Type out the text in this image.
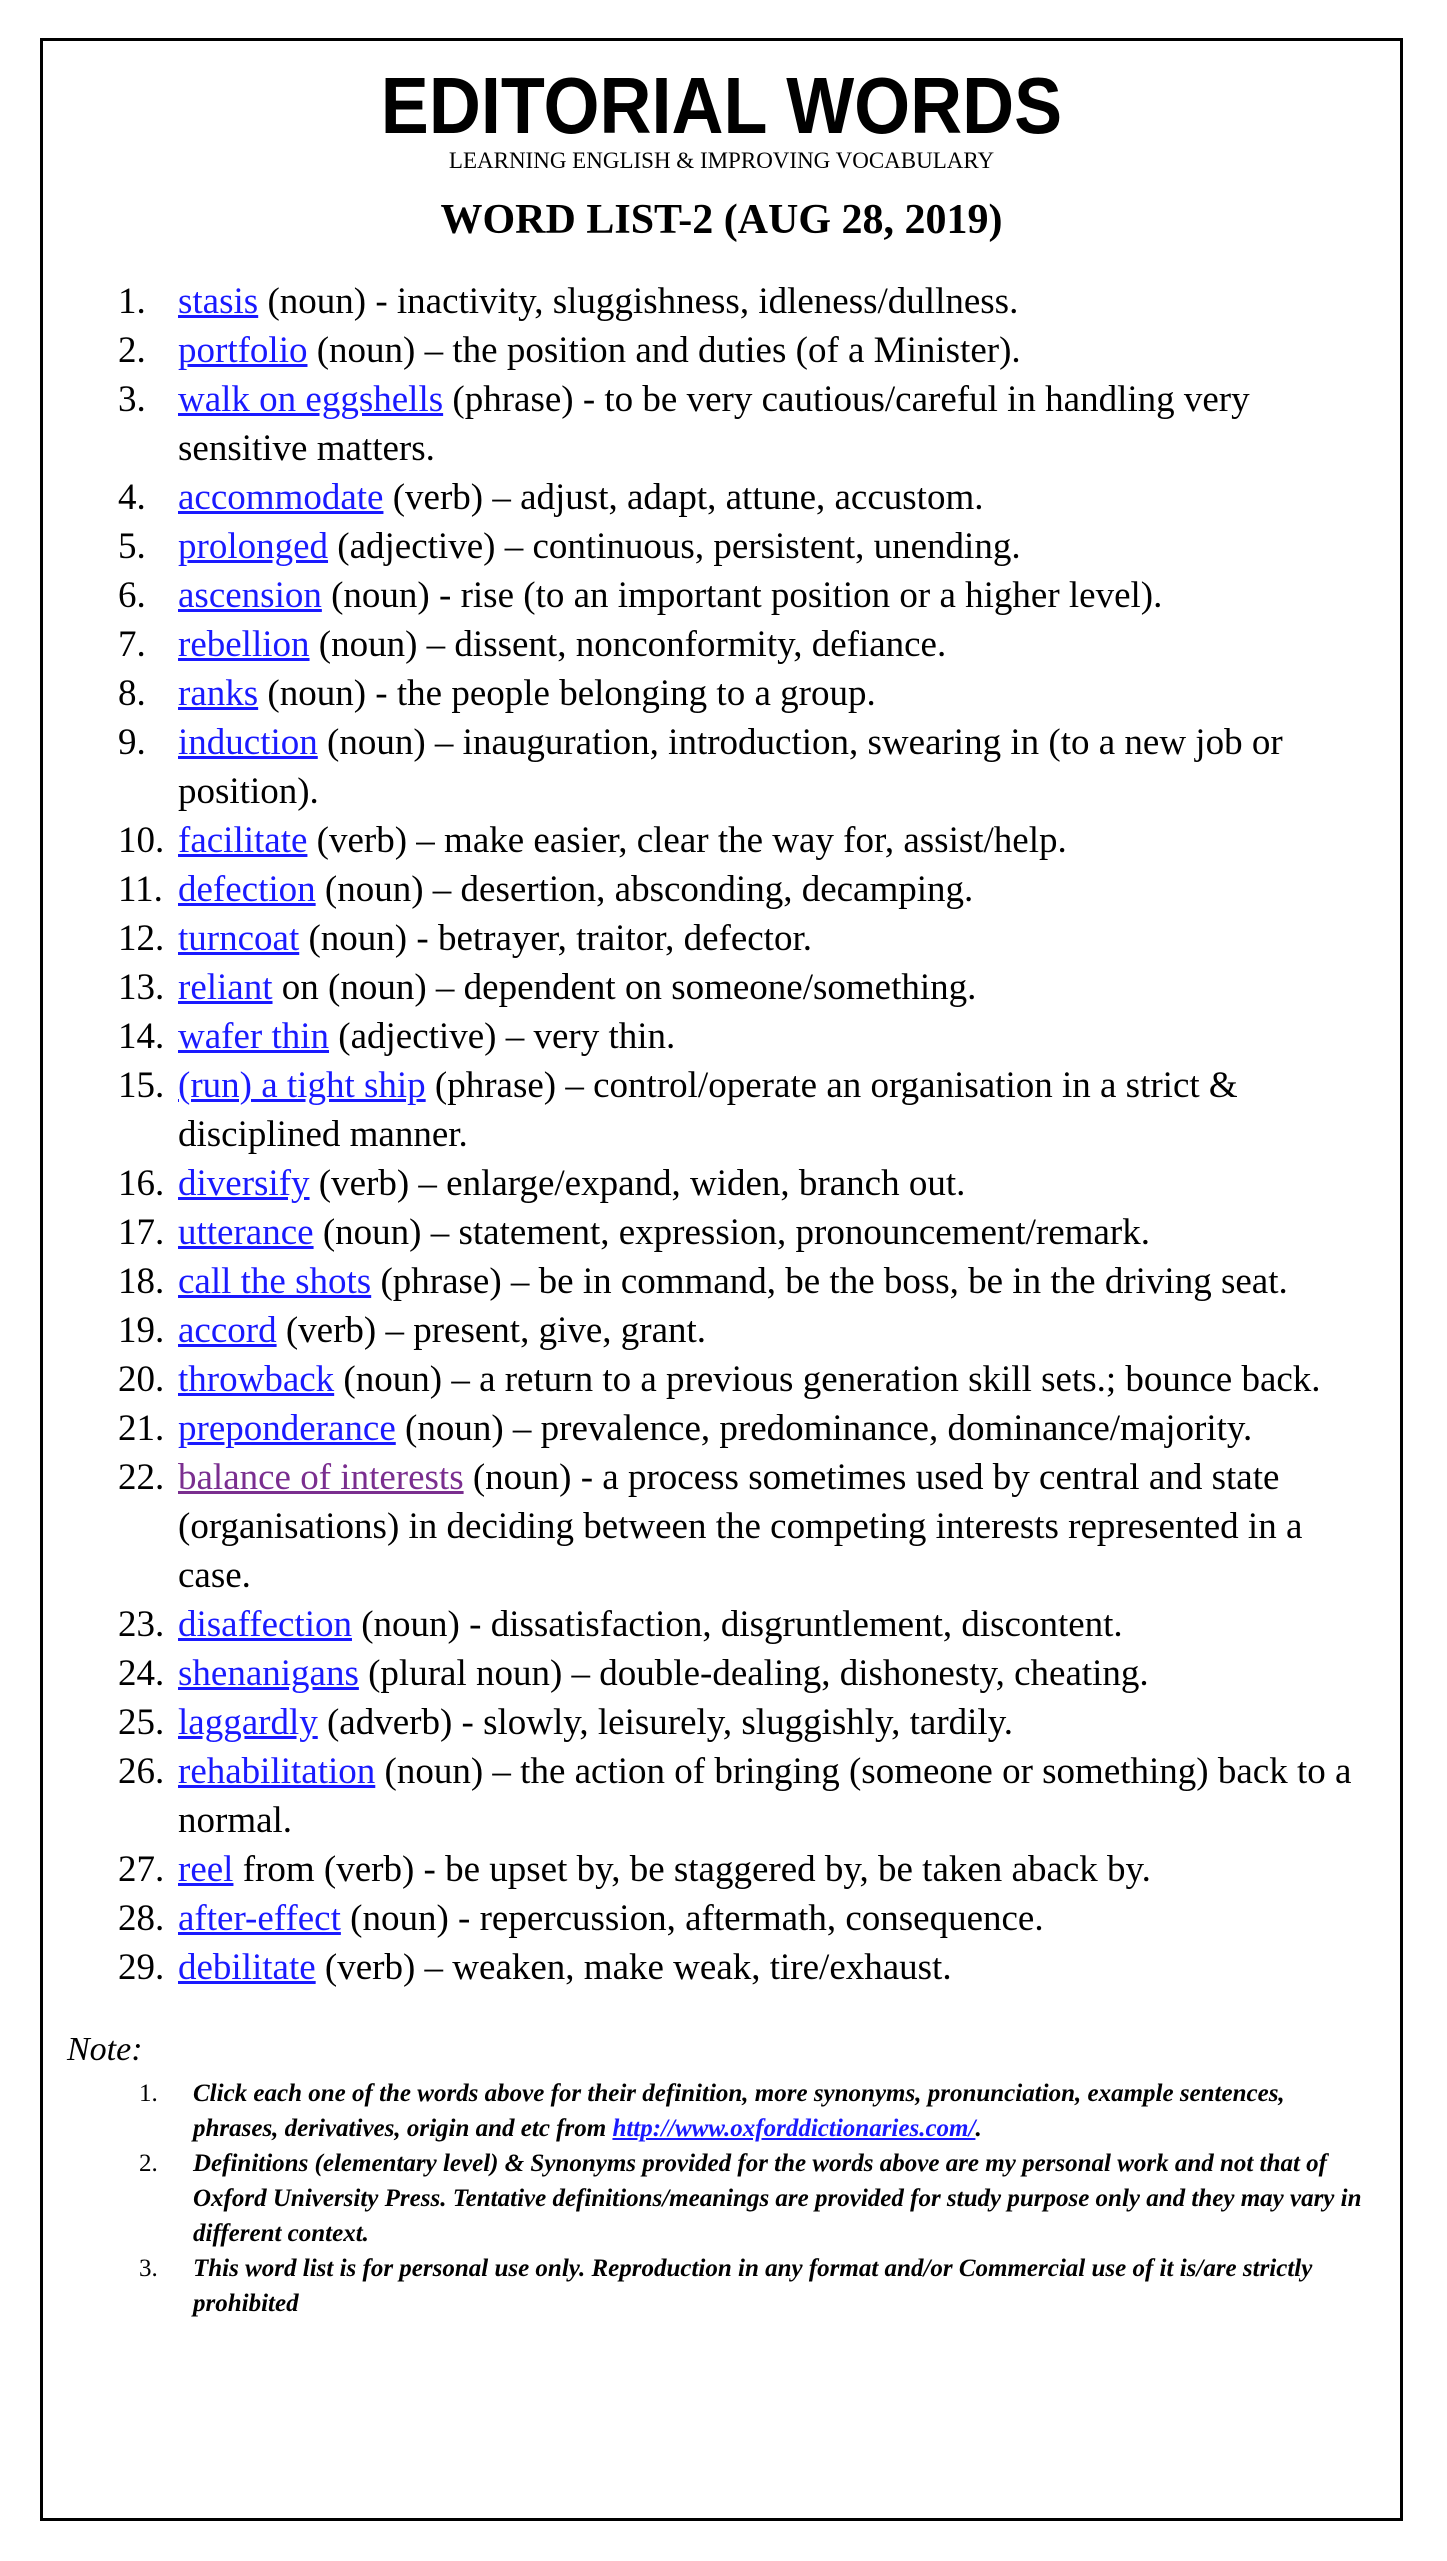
EDITORIAL WORDS
LEARNING ENGLISH & IMPROVING VOCABULARY
WORD LIST-2 (AUG 28, 2019)
1. stasis (noun) - inactivity, sluggishness, idleness/dullness.
2. portfolio (noun) – the position and duties (of a Minister).
3. walk on eggshells (phrase) - to be very cautious/careful in handling very sensitive matters.
4. accommodate (verb) – adjust, adapt, attune, accustom.
5. prolonged (adjective) – continuous, persistent, unending.
6. ascension (noun) - rise (to an important position or a higher level).
7. rebellion (noun) – dissent, nonconformity, defiance.
8. ranks (noun) - the people belonging to a group.
9. induction (noun) – inauguration, introduction, swearing in (to a new job or position).
10. facilitate (verb) – make easier, clear the way for, assist/help.
11. defection (noun) – desertion, absconding, decamping.
12. turncoat (noun) - betrayer, traitor, defector.
13. reliant on (noun) – dependent on someone/something.
14. wafer thin (adjective) – very thin.
15. (run) a tight ship (phrase) – control/operate an organisation in a strict & disciplined manner.
16. diversify (verb) – enlarge/expand, widen, branch out.
17. utterance (noun) – statement, expression, pronouncement/remark.
18. call the shots (phrase) – be in command, be the boss, be in the driving seat.
19. accord (verb) – present, give, grant.
20. throwback (noun) – a return to a previous generation skill sets.; bounce back.
21. preponderance (noun) – prevalence, predominance, dominance/majority.
22. balance of interests (noun) - a process sometimes used by central and state (organisations) in deciding between the competing interests represented in a case.
23. disaffection (noun) - dissatisfaction, disgruntlement, discontent.
24. shenanigans (plural noun) – double-dealing, dishonesty, cheating.
25. laggardly (adverb) - slowly, leisurely, sluggishly, tardily.
26. rehabilitation (noun) – the action of bringing (someone or something) back to a normal.
27. reel from (verb) - be upset by, be staggered by, be taken aback by.
28. after-effect (noun) - repercussion, aftermath, consequence.
29. debilitate (verb) – weaken, make weak, tire/exhaust.
Note:
1. Click each one of the words above for their definition, more synonyms, pronunciation, example sentences, phrases, derivatives, origin and etc from http://www.oxforddictionaries.com/.
2. Definitions (elementary level) & Synonyms provided for the words above are my personal work and not that of Oxford University Press. Tentative definitions/meanings are provided for study purpose only and they may vary in different context.
3. This word list is for personal use only. Reproduction in any format and/or Commercial use of it is/are strictly prohibited
